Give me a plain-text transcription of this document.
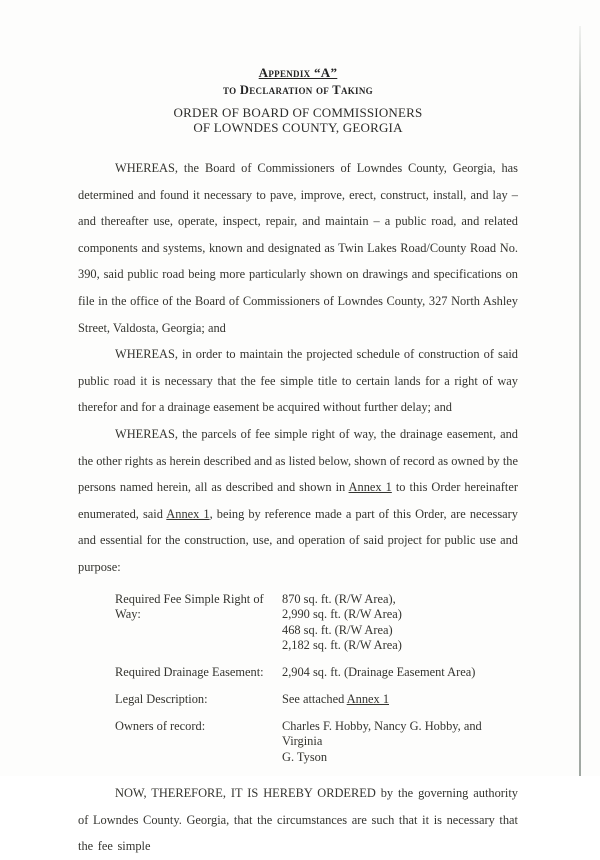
Appendix “A”
to Declaration of Taking
ORDER OF BOARD OF COMMISSIONERS
OF LOWNDES COUNTY, GEORGIA

WHEREAS, the Board of Commissioners of Lowndes County, Georgia, has determined and found it necessary to pave, improve, erect, construct, install, and lay – and thereafter use, operate, inspect, repair, and maintain – a public road, and related components and systems, known and designated as Twin Lakes Road/County Road No. 390, said public road being more particularly shown on drawings and specifications on file in the office of the Board of Commissioners of Lowndes County, 327 North Ashley Street, Valdosta, Georgia; and

WHEREAS, in order to maintain the projected schedule of construction of said public road it is necessary that the fee simple title to certain lands for a right of way therefor and for a drainage easement be acquired without further delay; and

WHEREAS, the parcels of fee simple right of way, the drainage easement, and the other rights as herein described and as listed below, shown of record as owned by the persons named herein, all as described and shown in Annex 1 to this Order hereinafter enumerated, said Annex 1, being by reference made a part of this Order, are necessary and essential for the construction, use, and operation of said project for public use and purpose:

Required Fee Simple Right of Way:
870 sq. ft. (R/W Area),
2,990 sq. ft. (R/W Area)
468 sq. ft. (R/W Area)
2,182 sq. ft. (R/W Area)
Required Drainage Easement:	2,904 sq. ft. (Drainage Easement Area)
Legal Description:	See attached Annex 1
Owners of record:	Charles F. Hobby, Nancy G. Hobby, and Virginia
G. Tyson

NOW, THEREFORE, IT IS HEREBY ORDERED by the governing authority of Lowndes County. Georgia, that the circumstances are such that it is necessary that the fee simple
